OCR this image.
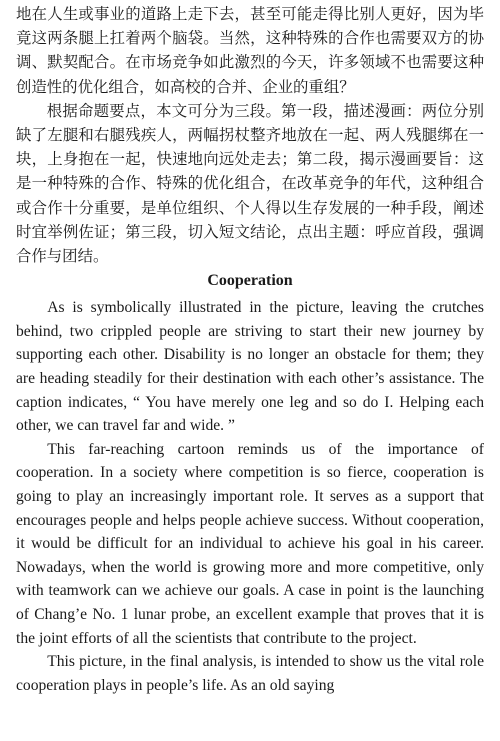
地在人生或事业的道路上走下去，甚至可能走得比别人更好，因为毕竟这两条腿上扛着两个脑袋。当然，这种特殊的合作也需要双方的协调、默契配合。在市场竞争如此激烈的今天，许多领域不也需要这种创造性的优化组合，如高校的合并、企业的重组？

根据命题要点，本文可分为三段。第一段，描述漫画：两位分别缺了左腿和右腿残疾人，两幅拐杖整齐地放在一起、两人残腿绑在一块，上身抱在一起，快速地向远处走去；第二段，揭示漫画要旨：这是一种特殊的合作、特殊的优化组合，在改革竞争的年代，这种组合或合作十分重要，是单位组织、个人得以生存发展的一种手段，阐述时宜举例佐证；第三段，切入短文结论，点出主题：呼应首段，强调合作与团结。

Cooperation

As is symbolically illustrated in the picture, leaving the crutches behind, two crippled people are striving to start their new journey by supporting each other. Disability is no longer an obstacle for them; they are heading steadily for their destination with each other’s assistance. The caption indicates, “ You have merely one leg and so do I. Helping each other, we can travel far and wide. ”

This far-reaching cartoon reminds us of the importance of cooperation. In a society where competition is so fierce, cooperation is going to play an increasingly important role. It serves as a support that encourages people and helps people achieve success. Without cooperation, it would be difficult for an individual to achieve his goal in his career. Nowadays, when the world is growing more and more competitive, only with teamwork can we achieve our goals. A case in point is the launching of Chang’e No. 1 lunar probe, an excellent example that proves that it is the joint efforts of all the scientists that contribute to the project.

This picture, in the final analysis, is intended to show us the vital role cooperation plays in people’s life. As an old saying
